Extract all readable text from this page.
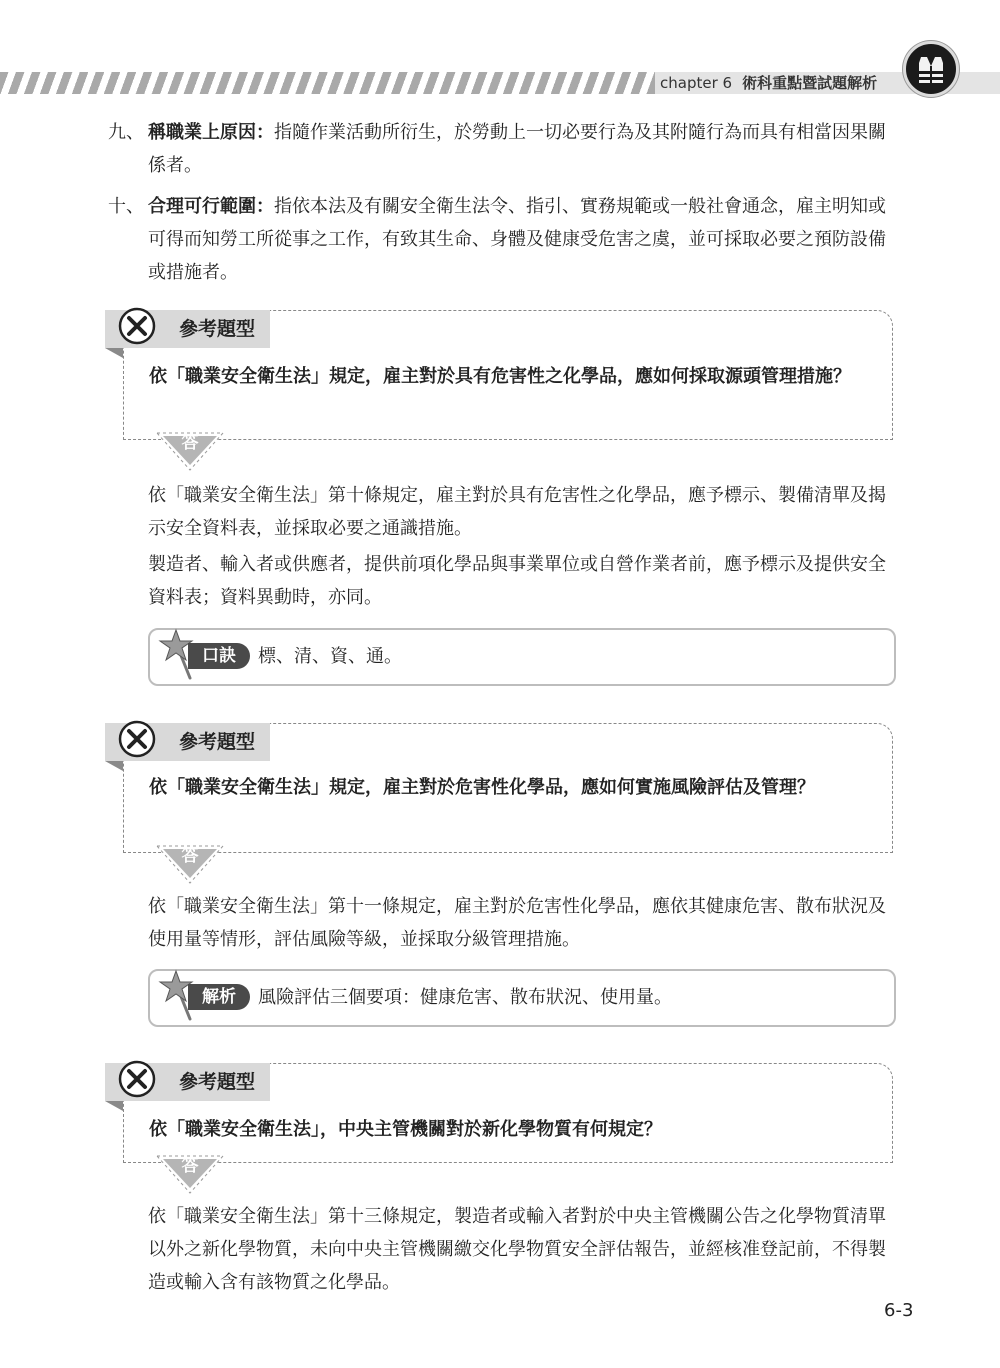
chapter 6 術科重點暨試題解析
九、 稱職業上原因：指隨作業活動所衍生，於勞動上一切必要行為及其附隨行為而具有相當因果關係者。
十、 合理可行範圍：指依本法及有關安全衛生法令、指引、實務規範或一般社會通念，雇主明知或可得而知勞工所從事之工作，有致其生命、身體及健康受危害之虞，並可採取必要之預防設備或措施者。
參考題型
依「職業安全衛生法」規定，雇主對於具有危害性之化學品，應如何採取源頭管理措施？
答
依「職業安全衛生法」第十條規定，雇主對於具有危害性之化學品，應予標示、製備清單及揭示安全資料表，並採取必要之通識措施。
製造者、輸入者或供應者，提供前項化學品與事業單位或自營作業者前，應予標示及提供安全資料表；資料異動時，亦同。
口訣	標、清、資、通。
參考題型
依「職業安全衛生法」規定，雇主對於危害性化學品，應如何實施風險評估及管理？
答
依「職業安全衛生法」第十一條規定，雇主對於危害性化學品，應依其健康危害、散布狀況及使用量等情形，評估風險等級，並採取分級管理措施。
解析	風險評估三個要項：健康危害、散布狀況、使用量。
參考題型
依「職業安全衛生法」，中央主管機關對於新化學物質有何規定？
答
依「職業安全衛生法」第十三條規定，製造者或輸入者對於中央主管機關公告之化學物質清單以外之新化學物質，未向中央主管機關繳交化學物質安全評估報告，並經核准登記前，不得製造或輸入含有該物質之化學品。
6-3
